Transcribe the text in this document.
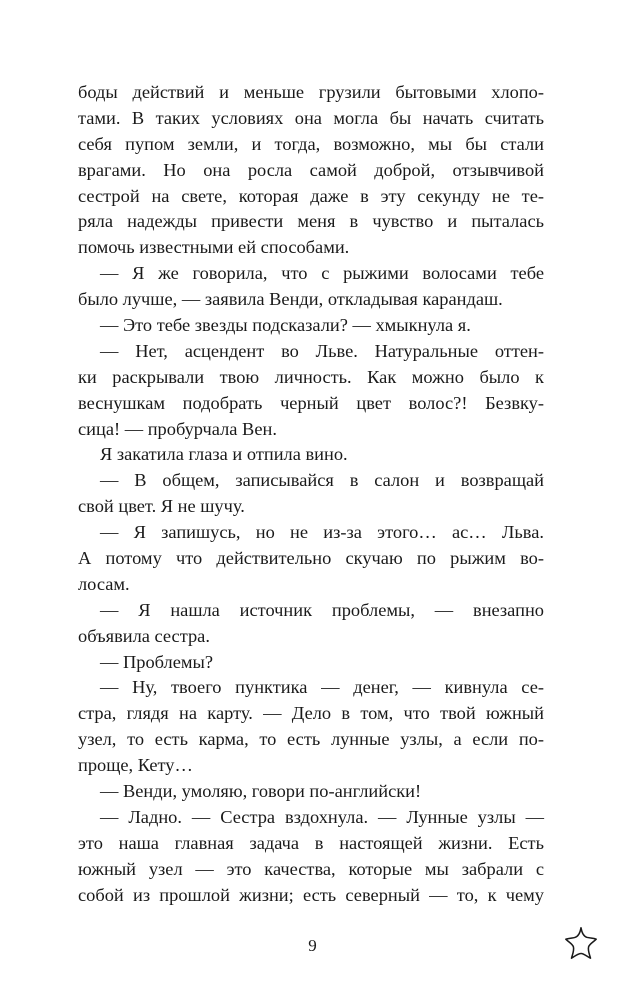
боды действий и меньше грузили бытовыми хлопо-
тами. В таких условиях она могла бы начать считать
себя пупом земли, и тогда, возможно, мы бы стали
врагами. Но она росла самой доброй, отзывчивой
сестрой на свете, которая даже в эту секунду не те-
ряла надежды привести меня в чувство и пыталась
помочь известными ей способами.
— Я же говорила, что с рыжими волосами тебе
было лучше, — заявила Венди, откладывая карандаш.
— Это тебе звезды подсказали? — хмыкнула я.
— Нет, асцендент во Льве. Натуральные оттен-
ки раскрывали твою личность. Как можно было к
веснушкам подобрать черный цвет волос?! Безвку-
сица! — пробурчала Вен.
Я закатила глаза и отпила вино.
— В общем, записывайся в салон и возвращай
свой цвет. Я не шучу.
— Я запишусь, но не из-за этого… ас… Льва.
А потому что действительно скучаю по рыжим во-
лосам.
— Я нашла источник проблемы, — внезапно
объявила сестра.
— Проблемы?
— Ну, твоего пунктика — денег, — кивнула се-
стра, глядя на карту. — Дело в том, что твой южный
узел, то есть карма, то есть лунные узлы, а если по-
проще, Кету…
— Венди, умоляю, говори по-английски!
— Ладно. — Сестра вздохнула. — Лунные узлы —
это наша главная задача в настоящей жизни. Есть
южный узел — это качества, которые мы забрали с
собой из прошлой жизни; есть северный — то, к чему
9
